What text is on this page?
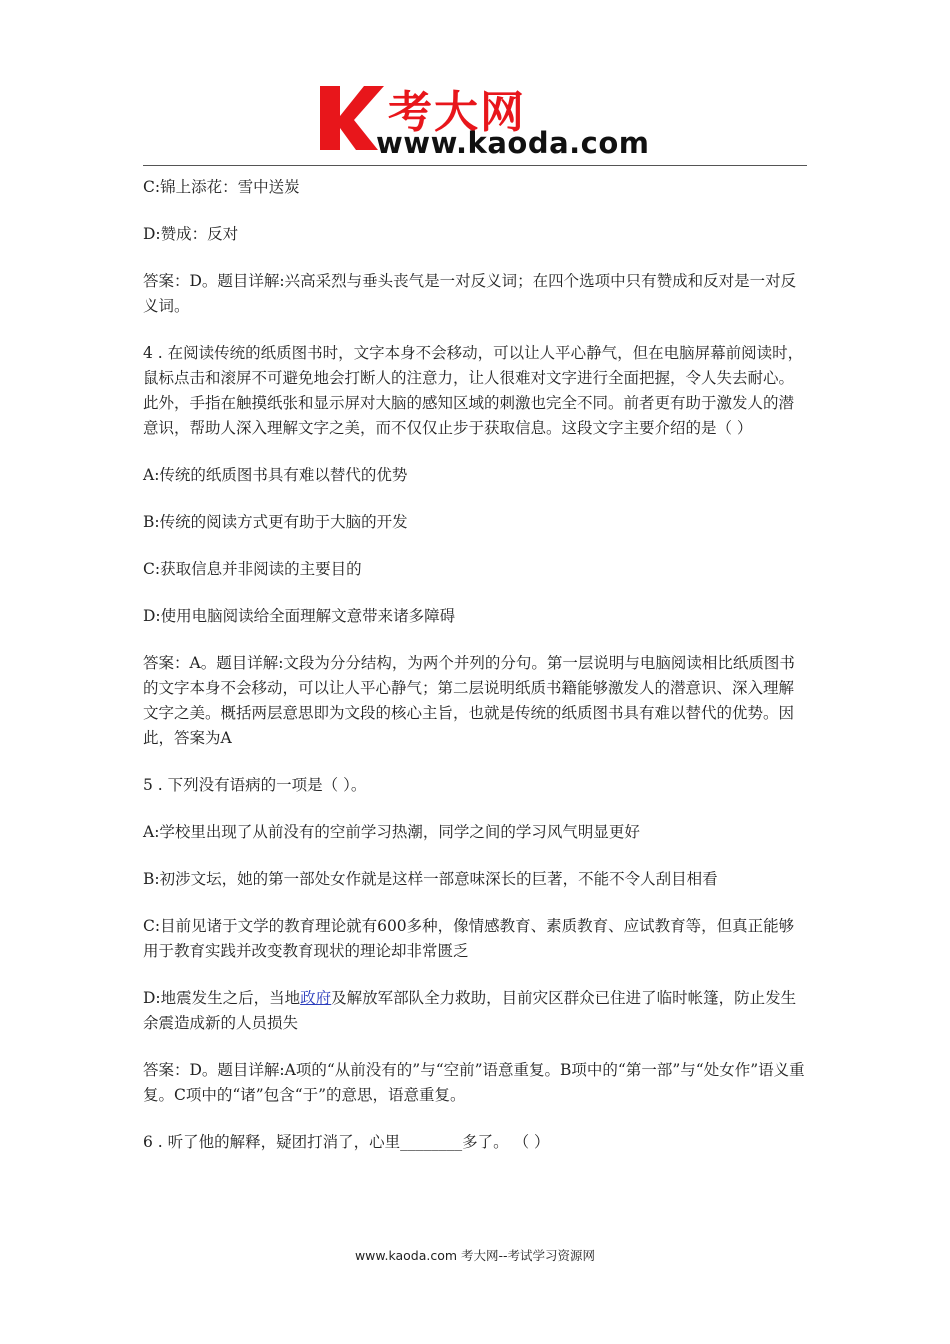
考大网
www.kaoda.com

C:锦上添花：雪中送炭

D:赞成：反对

答案：D。题目详解:兴高采烈与垂头丧气是一对反义词；在四个选项中只有赞成和反对是一对反义词。

4 . 在阅读传统的纸质图书时，文字本身不会移动，可以让人平心静气，但在电脑屏幕前阅读时，鼠标点击和滚屏不可避免地会打断人的注意力，让人很难对文字进行全面把握，令人失去耐心。此外，手指在触摸纸张和显示屏对大脑的感知区域的刺激也完全不同。前者更有助于激发人的潜意识，帮助人深入理解文字之美，而不仅仅止步于获取信息。这段文字主要介绍的是（ ）

A:传统的纸质图书具有难以替代的优势

B:传统的阅读方式更有助于大脑的开发

C:获取信息并非阅读的主要目的

D:使用电脑阅读给全面理解文意带来诸多障碍

答案：A。题目详解:文段为分分结构，为两个并列的分句。第一层说明与电脑阅读相比纸质图书的文字本身不会移动，可以让人平心静气；第二层说明纸质书籍能够激发人的潜意识、深入理解文字之美。概括两层意思即为文段的核心主旨，也就是传统的纸质图书具有难以替代的优势。因此，答案为A

5 . 下列没有语病的一项是（ ）。

A:学校里出现了从前没有的空前学习热潮，同学之间的学习风气明显更好

B:初涉文坛，她的第一部处女作就是这样一部意味深长的巨著，不能不令人刮目相看

C:目前见诸于文学的教育理论就有600多种，像情感教育、素质教育、应试教育等，但真正能够用于教育实践并改变教育现状的理论却非常匮乏

D:地震发生之后，当地政府及解放军部队全力救助，目前灾区群众已住进了临时帐篷，防止发生余震造成新的人员损失

答案：D。题目详解:A项的“从前没有的”与“空前”语意重复。B项中的“第一部”与“处女作”语义重复。C项中的“诸”包含“于”的意思，语意重复。

6 . 听了他的解释，疑团打消了，心里________多了。 （ ）

www.kaoda.com 考大网--考试学习资源网
